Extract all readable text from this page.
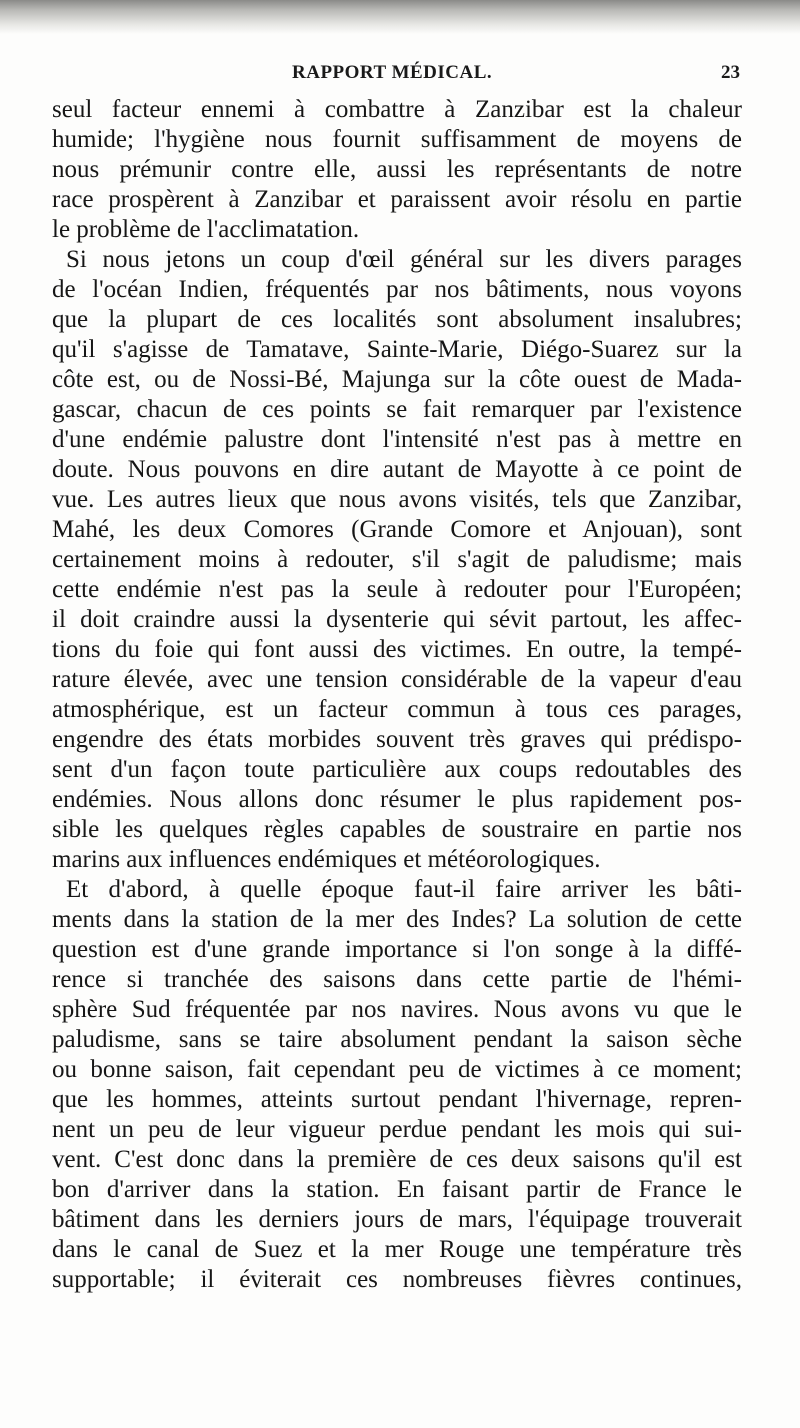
RAPPORT MÉDICAL.	23
seul facteur ennemi à combattre à Zanzibar est la chaleur
humide; l'hygiène nous fournit suffisamment de moyens de
nous prémunir contre elle, aussi les représentants de notre
race prospèrent à Zanzibar et paraissent avoir résolu en partie
le problème de l'acclimatation.
Si nous jetons un coup d'œil général sur les divers parages
de l'océan Indien, fréquentés par nos bâtiments, nous voyons
que la plupart de ces localités sont absolument insalubres;
qu'il s'agisse de Tamatave, Sainte-Marie, Diégo-Suarez sur la
côte est, ou de Nossi-Bé, Majunga sur la côte ouest de Mada-
gascar, chacun de ces points se fait remarquer par l'existence
d'une endémie palustre dont l'intensité n'est pas à mettre en
doute. Nous pouvons en dire autant de Mayotte à ce point de
vue. Les autres lieux que nous avons visités, tels que Zanzibar,
Mahé, les deux Comores (Grande Comore et Anjouan), sont
certainement moins à redouter, s'il s'agit de paludisme; mais
cette endémie n'est pas la seule à redouter pour l'Européen;
il doit craindre aussi la dysenterie qui sévit partout, les affec-
tions du foie qui font aussi des victimes. En outre, la tempé-
rature élevée, avec une tension considérable de la vapeur d'eau
atmosphérique, est un facteur commun à tous ces parages,
engendre des états morbides souvent très graves qui prédispo-
sent d'un façon toute particulière aux coups redoutables des
endémies. Nous allons donc résumer le plus rapidement pos-
sible les quelques règles capables de soustraire en partie nos
marins aux influences endémiques et météorologiques.
Et d'abord, à quelle époque faut-il faire arriver les bâti-
ments dans la station de la mer des Indes? La solution de cette
question est d'une grande importance si l'on songe à la diffé-
rence si tranchée des saisons dans cette partie de l'hémi-
sphère Sud fréquentée par nos navires. Nous avons vu que le
paludisme, sans se taire absolument pendant la saison sèche
ou bonne saison, fait cependant peu de victimes à ce moment;
que les hommes, atteints surtout pendant l'hivernage, repren-
nent un peu de leur vigueur perdue pendant les mois qui sui-
vent. C'est donc dans la première de ces deux saisons qu'il est
bon d'arriver dans la station. En faisant partir de France le
bâtiment dans les derniers jours de mars, l'équipage trouverait
dans le canal de Suez et la mer Rouge une température très
supportable; il éviterait ces nombreuses fièvres continues,
